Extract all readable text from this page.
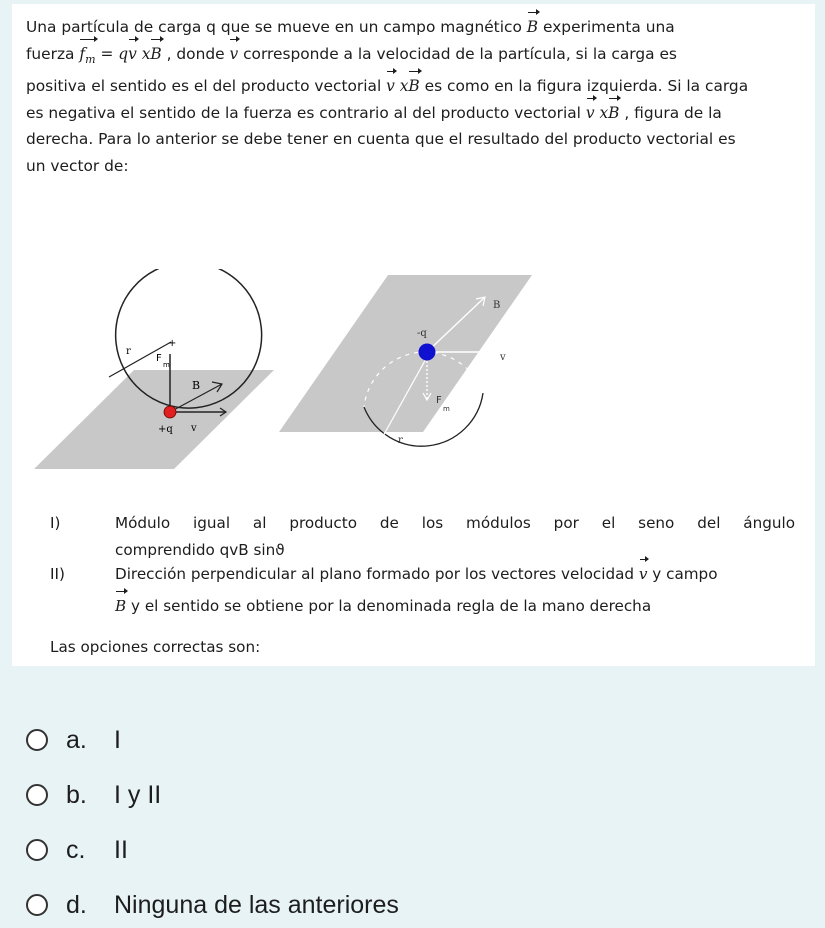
Una partícula de carga q que se mueve en un campo magnético B experimenta una
fuerza $f_m$ = qv xB , donde v corresponde a la velocidad de la partícula, si la carga es
positiva el sentido es el del producto vectorial v xB es como en la figura izquierda. Si la carga
es negativa el sentido de la fuerza es contrario al del producto vectorial v xB , figura de la
derecha. Para lo anterior se debe tener en cuenta que el resultado del producto vectorial es
un vector de:
r
+
F
m
B
+q v
B
-q
v
F
m
r
I)	Módulo igual al producto de los módulos por el seno del ángulo
comprendido qvB sinϑ
II)	Dirección perpendicular al plano formado por los vectores velocidad v y campo
B y el sentido se obtiene por la denominada regla de la mano derecha
Las opciones correctas son:
a.	I
b.	I y II
c.	II
d.	Ninguna de las anteriores
